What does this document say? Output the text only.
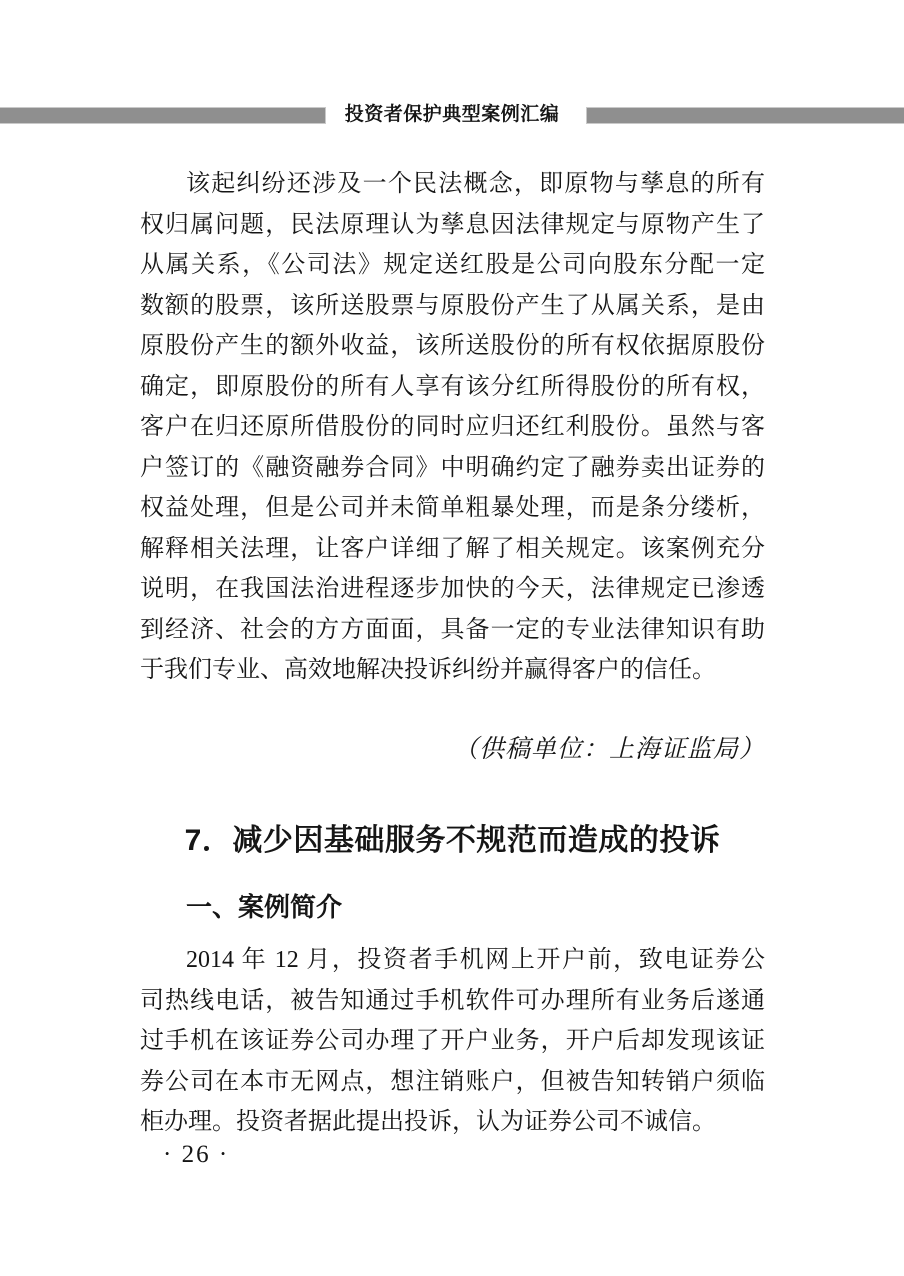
投资者保护典型案例汇编
该起纠纷还涉及一个民法概念，即原物与孳息的所有
权归属问题，民法原理认为孳息因法律规定与原物产生了
从属关系，《公司法》规定送红股是公司向股东分配一定
数额的股票，该所送股票与原股份产生了从属关系，是由
原股份产生的额外收益，该所送股份的所有权依据原股份
确定，即原股份的所有人享有该分红所得股份的所有权，
客户在归还原所借股份的同时应归还红利股份。虽然与客
户签订的《融资融券合同》中明确约定了融券卖出证券的
权益处理，但是公司并未简单粗暴处理，而是条分缕析，
解释相关法理，让客户详细了解了相关规定。该案例充分
说明，在我国法治进程逐步加快的今天，法律规定已渗透
到经济、社会的方方面面，具备一定的专业法律知识有助
于我们专业、高效地解决投诉纠纷并赢得客户的信任。
（供稿单位：上海证监局）
7．减少因基础服务不规范而造成的投诉
一、案例简介
2014 年 12 月，投资者手机网上开户前，致电证券公
司热线电话，被告知通过手机软件可办理所有业务后遂通
过手机在该证券公司办理了开户业务，开户后却发现该证
券公司在本市无网点，想注销账户，但被告知转销户须临
柜办理。投资者据此提出投诉，认为证券公司不诚信。
· 26 ·
